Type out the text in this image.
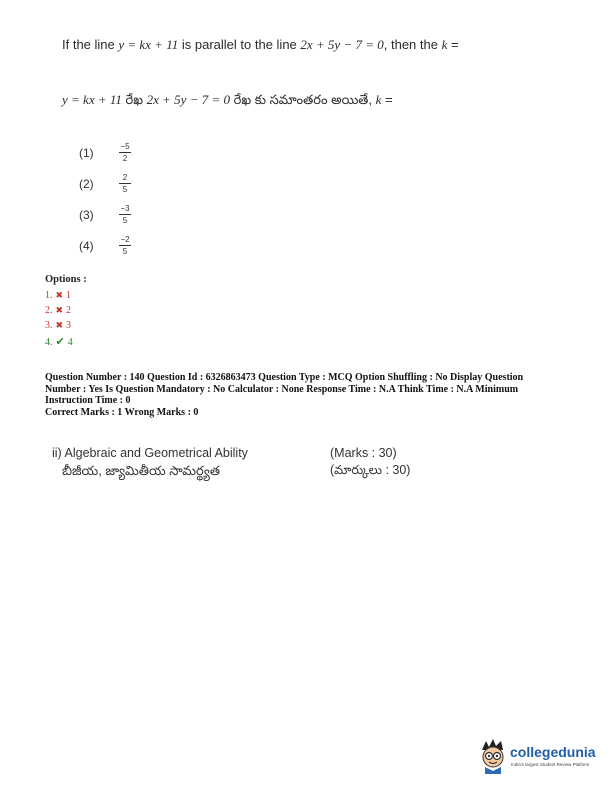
If the line y = kx + 11 is parallel to the line 2x + 5y − 7 = 0, then the k =
y = kx + 11 రేఖ 2x + 5y − 7 = 0 రేఖ కు సమాంతరం అయితే, k =
(1)	−5
2
(2)	2
5
(3)	−3
5
(4)	−2
5
Options :
1. ✖ 1
2. ✖ 2
3. ✖ 3
4. ✔ 4
Question Number : 140 Question Id : 6326863473 Question Type : MCQ Option Shuffling : No Display Question
Number : Yes Is Question Mandatory : No Calculator : None Response Time : N.A Think Time : N.A Minimum
Instruction Time : 0
Correct Marks : 1 Wrong Marks : 0
ii) Algebraic and Geometrical Ability
బీజీయ, జ్యామితీయ సామర్థ్యత
(Marks : 30)
(మార్కులు : 30)
collegedunia
India's largest Student Review Platform
